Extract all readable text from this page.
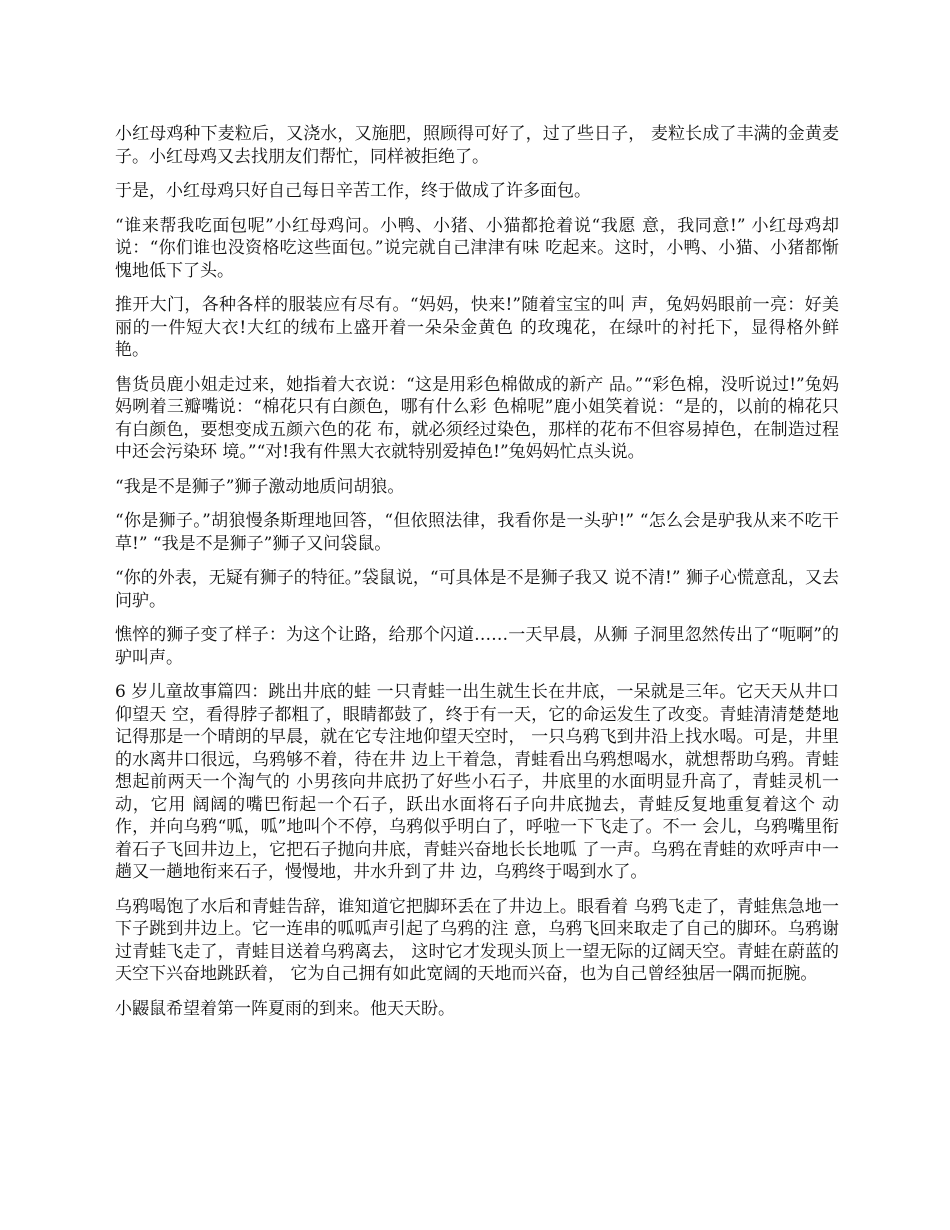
小红母鸡种下麦粒后，又浇水，又施肥，照顾得可好了，过了些日子， 麦粒长成了丰满的金黄麦子。小红母鸡又去找朋友们帮忙，同样被拒绝了。

于是，小红母鸡只好自己每日辛苦工作，终于做成了许多面包。

“谁来帮我吃面包呢”小红母鸡问。小鸭、小猪、小猫都抢着说“我愿 意，我同意!” 小红母鸡却说：“你们谁也没资格吃这些面包。”说完就自己津津有味 吃起来。这时，小鸭、小猫、小猪都惭愧地低下了头。

推开大门，各种各样的服装应有尽有。“妈妈，快来!”随着宝宝的叫 声，兔妈妈眼前一亮：好美丽的一件短大衣!大红的绒布上盛开着一朵朵金黄色 的玫瑰花，在绿叶的衬托下，显得格外鲜艳。

售货员鹿小姐走过来，她指着大衣说：“这是用彩色棉做成的新产 品。”“彩色棉，没听说过!”兔妈妈咧着三瓣嘴说：“棉花只有白颜色，哪有什么彩 色棉呢”鹿小姐笑着说：“是的，以前的棉花只有白颜色，要想变成五颜六色的花 布，就必须经过染色，那样的花布不但容易掉色，在制造过程中还会污染环 境。”“对!我有件黑大衣就特别爱掉色!”兔妈妈忙点头说。

“我是不是狮子”狮子激动地质问胡狼。

“你是狮子。”胡狼慢条斯理地回答，“但依照法律，我看你是一头驴!” “怎么会是驴我从来不吃干草!” “我是不是狮子”狮子又问袋鼠。

“你的外表，无疑有狮子的特征。”袋鼠说，“可具体是不是狮子我又 说不清!” 狮子心慌意乱，又去问驴。

憔悴的狮子变了样子：为这个让路，给那个闪道……一天早晨，从狮 子洞里忽然传出了“呃啊”的驴叫声。

6 岁儿童故事篇四：跳出井底的蛙 一只青蛙一出生就生长在井底，一呆就是三年。它天天从井口仰望天 空，看得脖子都粗了，眼睛都鼓了，终于有一天，它的命运发生了改变。青蛙清清楚楚地记得那是一个晴朗的早晨，就在它专注地仰望天空时， 一只乌鸦飞到井沿上找水喝。可是，井里的水离井口很远，乌鸦够不着，待在井 边上干着急，青蛙看出乌鸦想喝水，就想帮助乌鸦。青蛙想起前两天一个淘气的 小男孩向井底扔了好些小石子，井底里的水面明显升高了，青蛙灵机一动，它用 阔阔的嘴巴衔起一个石子，跃出水面将石子向井底抛去，青蛙反复地重复着这个 动作，并向乌鸦“呱，呱”地叫个不停，乌鸦似乎明白了，呼啦一下飞走了。不一 会儿，乌鸦嘴里衔着石子飞回井边上，它把石子抛向井底，青蛙兴奋地长长地呱 了一声。乌鸦在青蛙的欢呼声中一趟又一趟地衔来石子，慢慢地，井水升到了井 边，乌鸦终于喝到水了。

乌鸦喝饱了水后和青蛙告辞，谁知道它把脚环丢在了井边上。眼看着 乌鸦飞走了，青蛙焦急地一下子跳到井边上。它一连串的呱呱声引起了乌鸦的注 意，乌鸦飞回来取走了自己的脚环。乌鸦谢过青蛙飞走了，青蛙目送着乌鸦离去， 这时它才发现头顶上一望无际的辽阔天空。青蛙在蔚蓝的天空下兴奋地跳跃着， 它为自己拥有如此宽阔的天地而兴奋，也为自己曾经独居一隅而扼腕。

小鼹鼠希望着第一阵夏雨的到来。他天天盼。
